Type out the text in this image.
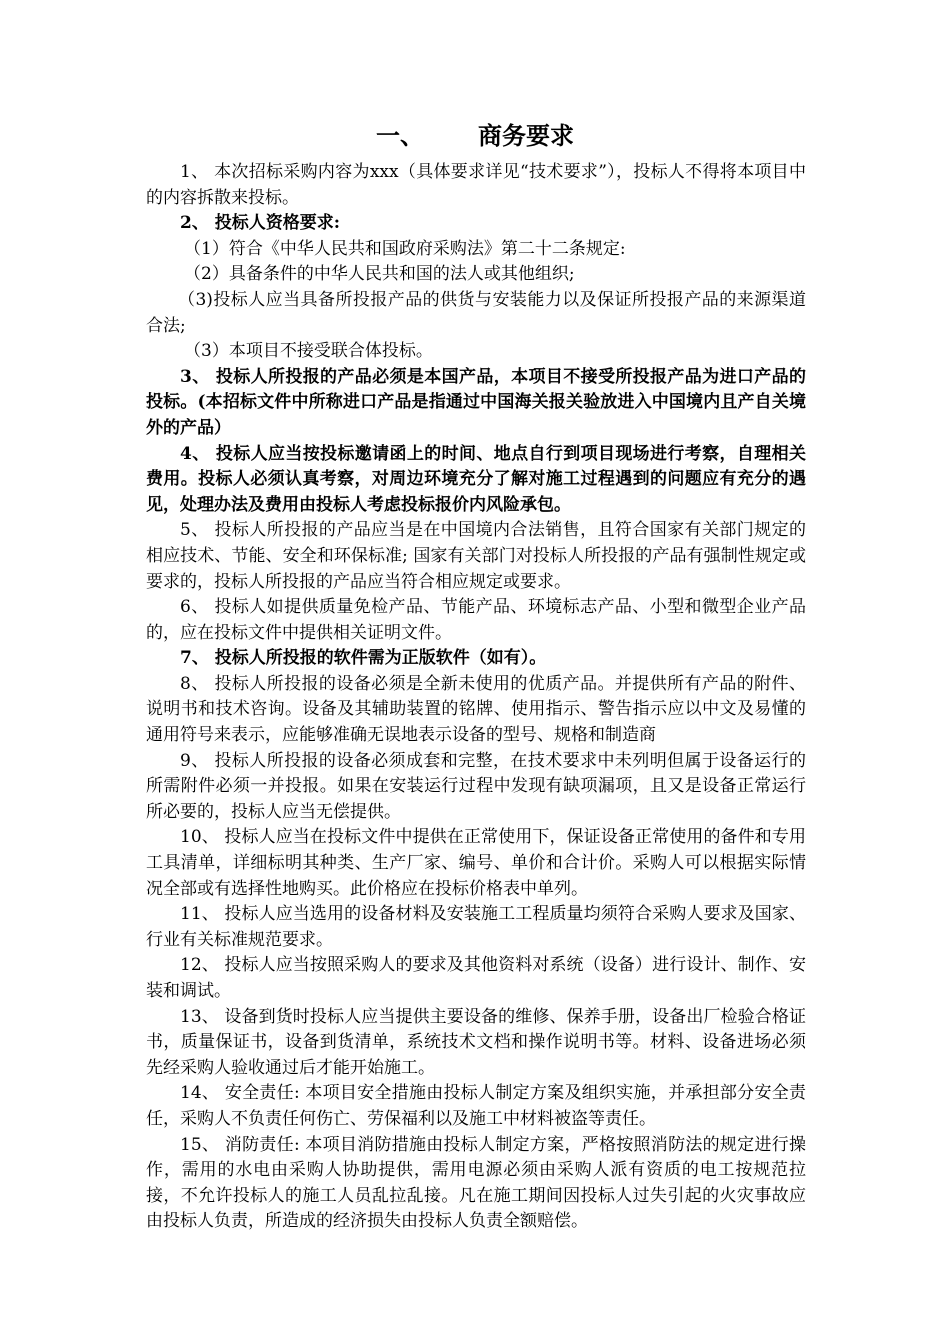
一、 商务要求

1、 本次招标采购内容为xxx（具体要求详见“技术要求”），投标人不得将本项目中的内容拆散来投标。

2、 投标人资格要求:

（1）符合《中华人民共和国政府采购法》第二十二条规定:

（2）具备条件的中华人民共和国的法人或其他组织;

（3)投标人应当具备所投报产品的供货与安装能力以及保证所投报产品的来源渠道合法;

（3）本项目不接受联合体投标。

3、 投标人所投报的产品必须是本国产品，本项目不接受所投报产品为进口产品的投标。(本招标文件中所称进口产品是指通过中国海关报关验放进入中国境内且产自关境外的产品）

4、 投标人应当按投标邀请函上的时间、地点自行到项目现场进行考察，自理相关费用。投标人必须认真考察，对周边环境充分了解对施工过程遇到的问题应有充分的遇见，处理办法及费用由投标人考虑投标报价内风险承包。

5、 投标人所投报的产品应当是在中国境内合法销售，且符合国家有关部门规定的相应技术、节能、安全和环保标准; 国家有关部门对投标人所投报的产品有强制性规定或要求的，投标人所投报的产品应当符合相应规定或要求。

6、 投标人如提供质量免检产品、节能产品、环境标志产品、小型和微型企业产品的，应在投标文件中提供相关证明文件。

7、 投标人所投报的软件需为正版软件（如有）。

8、 投标人所投报的设备必须是全新未使用的优质产品。并提供所有产品的附件、说明书和技术咨询。设备及其辅助装置的铭牌、使用指示、警告指示应以中文及易懂的通用符号来表示，应能够准确无误地表示设备的型号、规格和制造商

9、 投标人所投报的设备必须成套和完整，在技术要求中未列明但属于设备运行的所需附件必须一并投报。如果在安装运行过程中发现有缺项漏项，且又是设备正常运行所必要的，投标人应当无偿提供。

10、 投标人应当在投标文件中提供在正常使用下，保证设备正常使用的备件和专用工具清单，详细标明其种类、生产厂家、编号、单价和合计价。采购人可以根据实际情况全部或有选择性地购买。此价格应在投标价格表中单列。

11、 投标人应当选用的设备材料及安装施工工程质量均须符合采购人要求及国家、行业有关标准规范要求。

12、 投标人应当按照采购人的要求及其他资料对系统（设备）进行设计、制作、安装和调试。

13、 设备到货时投标人应当提供主要设备的维修、保养手册，设备出厂检验合格证书，质量保证书，设备到货清单，系统技术文档和操作说明书等。材料、设备进场必须先经采购人验收通过后才能开始施工。

14、 安全责任: 本项目安全措施由投标人制定方案及组织实施，并承担部分安全责任，采购人不负责任何伤亡、劳保福利以及施工中材料被盗等责任。

15、 消防责任: 本项目消防措施由投标人制定方案，严格按照消防法的规定进行操作，需用的水电由采购人协助提供，需用电源必须由采购人派有资质的电工按规范拉接，不允许投标人的施工人员乱拉乱接。凡在施工期间因投标人过失引起的火灾事故应由投标人负责，所造成的经济损失由投标人负责全额赔偿。
